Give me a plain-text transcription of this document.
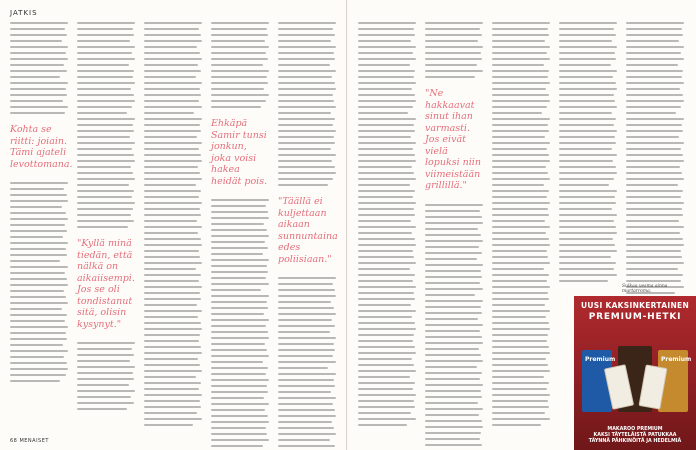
JATKIS
Kohta se riitti: joiain. Tämi ajateli levottomana.
"Kyllä minä tiedän, että nälkä on aikaiisempi. Jos se oli tondistanut sitä, olisin kysynyt."
Ehkäpä Samir tunsi jonkun, joka voisi hakea heidät pois.
"Täällä ei kuljettaan aikaan sunnuntaina edes poliisiaan."
68 MENAISET
"Ne hakkaavat sinut ihan varmasti. Jos eivät vielä lopuksi niin viimeistään grillillä."
Sulkaa vesma ainna murtarroma.
UUSI KAKSINKERTAINEN
PREMIUM-HETKI
Premium	Premium
MAKAROO PREMIUM
KAKSI TÄYTELÄISTÄ PATUKKAA
TÄYNNÄ PÄHKINÖITÄ JA HEDELMIÄ
